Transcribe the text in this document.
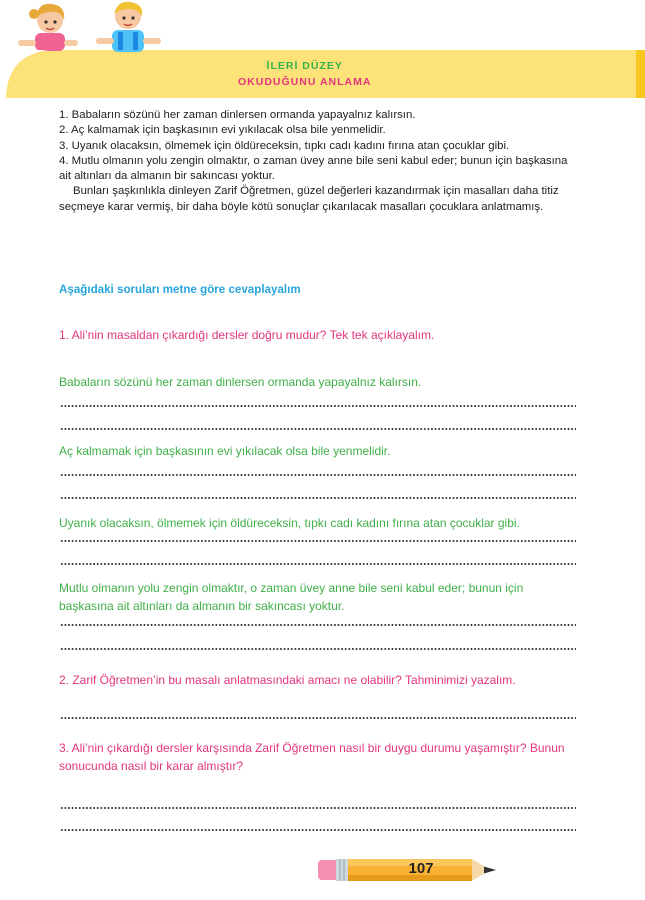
İLERİ DÜZEY
OKUDUĞUNU ANLAMA

1. Babaların sözünü her zaman dinlersen ormanda yapayalnız kalırsın.

2. Aç kalmamak için başkasının evi yıkılacak olsa bile yenmelidir.

3. Uyanık olacaksın, ölmemek için öldüreceksin, tıpkı cadı kadını fırına atan çocuklar gibi.

4. Mutlu olmanın yolu zengin olmaktır, o zaman üvey anne bile seni kabul eder; bunun için başkasına ait altınları da almanın bir sakıncası yoktur.

Bunları şaşkınlıkla dinleyen Zarif Öğretmen, güzel değerleri kazandırmak için masalları daha titiz seçmeye karar vermiş, bir daha böyle kötü sonuçlar çıkarılacak masalları çocuklara anlatmamış.

Aşağıdaki soruları metne göre cevaplayalım
1. Ali’nin masaldan çıkardığı dersler doğru mudur? Tek tek açıklayalım.
Babaların sözünü her zaman dinlersen ormanda yapayalnız kalırsın.
Aç kalmamak için başkasının evi yıkılacak olsa bile yenmelidir.
Uyanık olacaksın, ölmemek için öldüreceksin, tıpkı cadı kadını fırına atan çocuklar gibi.
Mutlu olmanın yolu zengin olmaktır, o zaman üvey anne bile seni kabul eder; bunun için başkasına ait altınları da almanın bir sakıncası yoktur.
2. Zarif Öğretmen’in bu masalı anlatmasındaki amacı ne olabilir? Tahminimizi yazalım.
3. Ali’nin çıkardığı dersler karşısında Zarif Öğretmen nasıl bir duygu durumu yaşamıştır? Bunun sonucunda nasıl bir karar almıştır?
107
